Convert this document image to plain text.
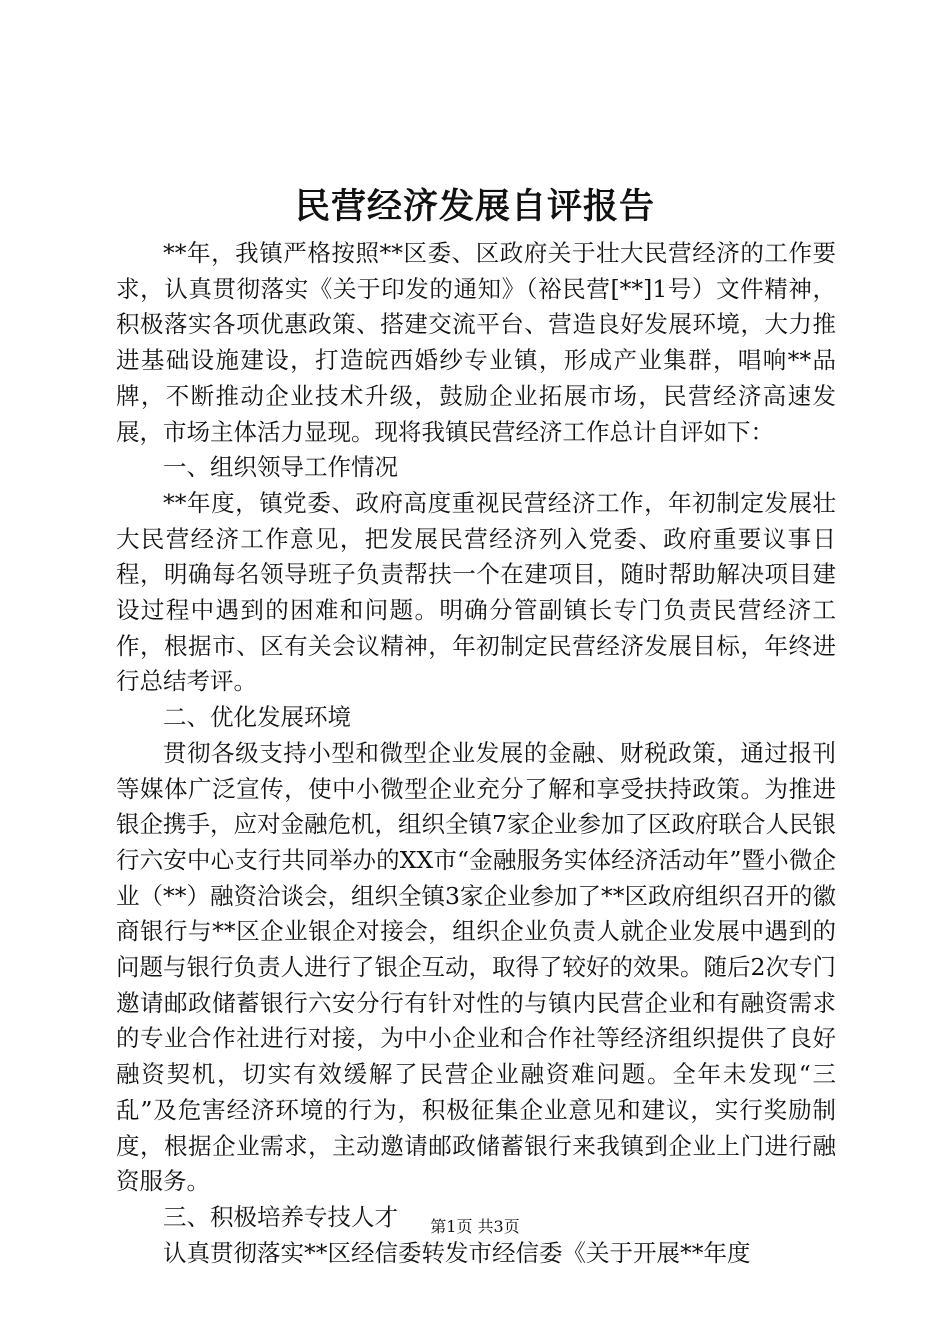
民营经济发展自评报告

**年，我镇严格按照**区委、区政府关于壮大民营经济的工作要求，认真贯彻落实《关于印发的通知》（裕民营[**]1号）文件精神，积极落实各项优惠政策、搭建交流平台、营造良好发展环境，大力推进基础设施建设，打造皖西婚纱专业镇，形成产业集群，唱响**品牌，不断推动企业技术升级，鼓励企业拓展市场，民营经济高速发展，市场主体活力显现。现将我镇民营经济工作总计自评如下：

一、组织领导工作情况

**年度，镇党委、政府高度重视民营经济工作，年初制定发展壮大民营经济工作意见，把发展民营经济列入党委、政府重要议事日程，明确每名领导班子负责帮扶一个在建项目，随时帮助解决项目建设过程中遇到的困难和问题。明确分管副镇长专门负责民营经济工作，根据市、区有关会议精神，年初制定民营经济发展目标，年终进行总结考评。

二、优化发展环境

贯彻各级支持小型和微型企业发展的金融、财税政策，通过报刊等媒体广泛宣传，使中小微型企业充分了解和享受扶持政策。为推进银企携手，应对金融危机，组织全镇7家企业参加了区政府联合人民银行六安中心支行共同举办的XX市“金融服务实体经济活动年”暨小微企业（**）融资洽谈会，组织全镇3家企业参加了**区政府组织召开的徽商银行与**区企业银企对接会，组织企业负责人就企业发展中遇到的问题与银行负责人进行了银企互动，取得了较好的效果。随后2次专门邀请邮政储蓄银行六安分行有针对性的与镇内民营企业和有融资需求的专业合作社进行对接，为中小企业和合作社等经济组织提供了良好融资契机，切实有效缓解了民营企业融资难问题。全年未发现“三乱”及危害经济环境的行为，积极征集企业意见和建议，实行奖励制度，根据企业需求，主动邀请邮政储蓄银行来我镇到企业上门进行融资服务。

三、积极培养专技人才

认真贯彻落实**区经信委转发市经信委《关于开展**年度

第1页 共3页
